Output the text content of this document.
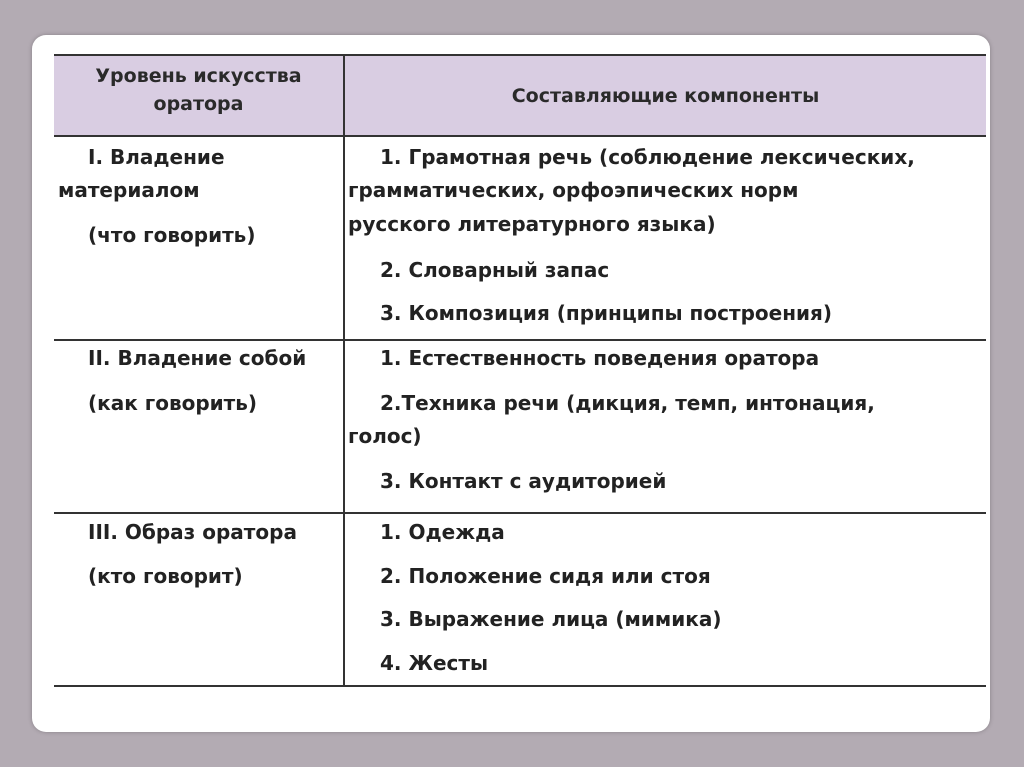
Уровень искусства
оратора	Составляющие компоненты
I. Владение
материалом
(что говорить)
1. Грамотная речь (соблюдение лексических,
грамматических, орфоэпических норм
русского литературного языка)
2. Словарный запас
3. Композиция (принципы построения)
II. Владение собой
(как говорить)
1. Естественность поведения оратора
2.Техника речи (дикция, темп, интонация,
голос)
3. Контакт с аудиторией
III. Образ оратора
(кто говорит)
1. Одежда
2. Положение сидя или стоя
3. Выражение лица (мимика)
4. Жесты
